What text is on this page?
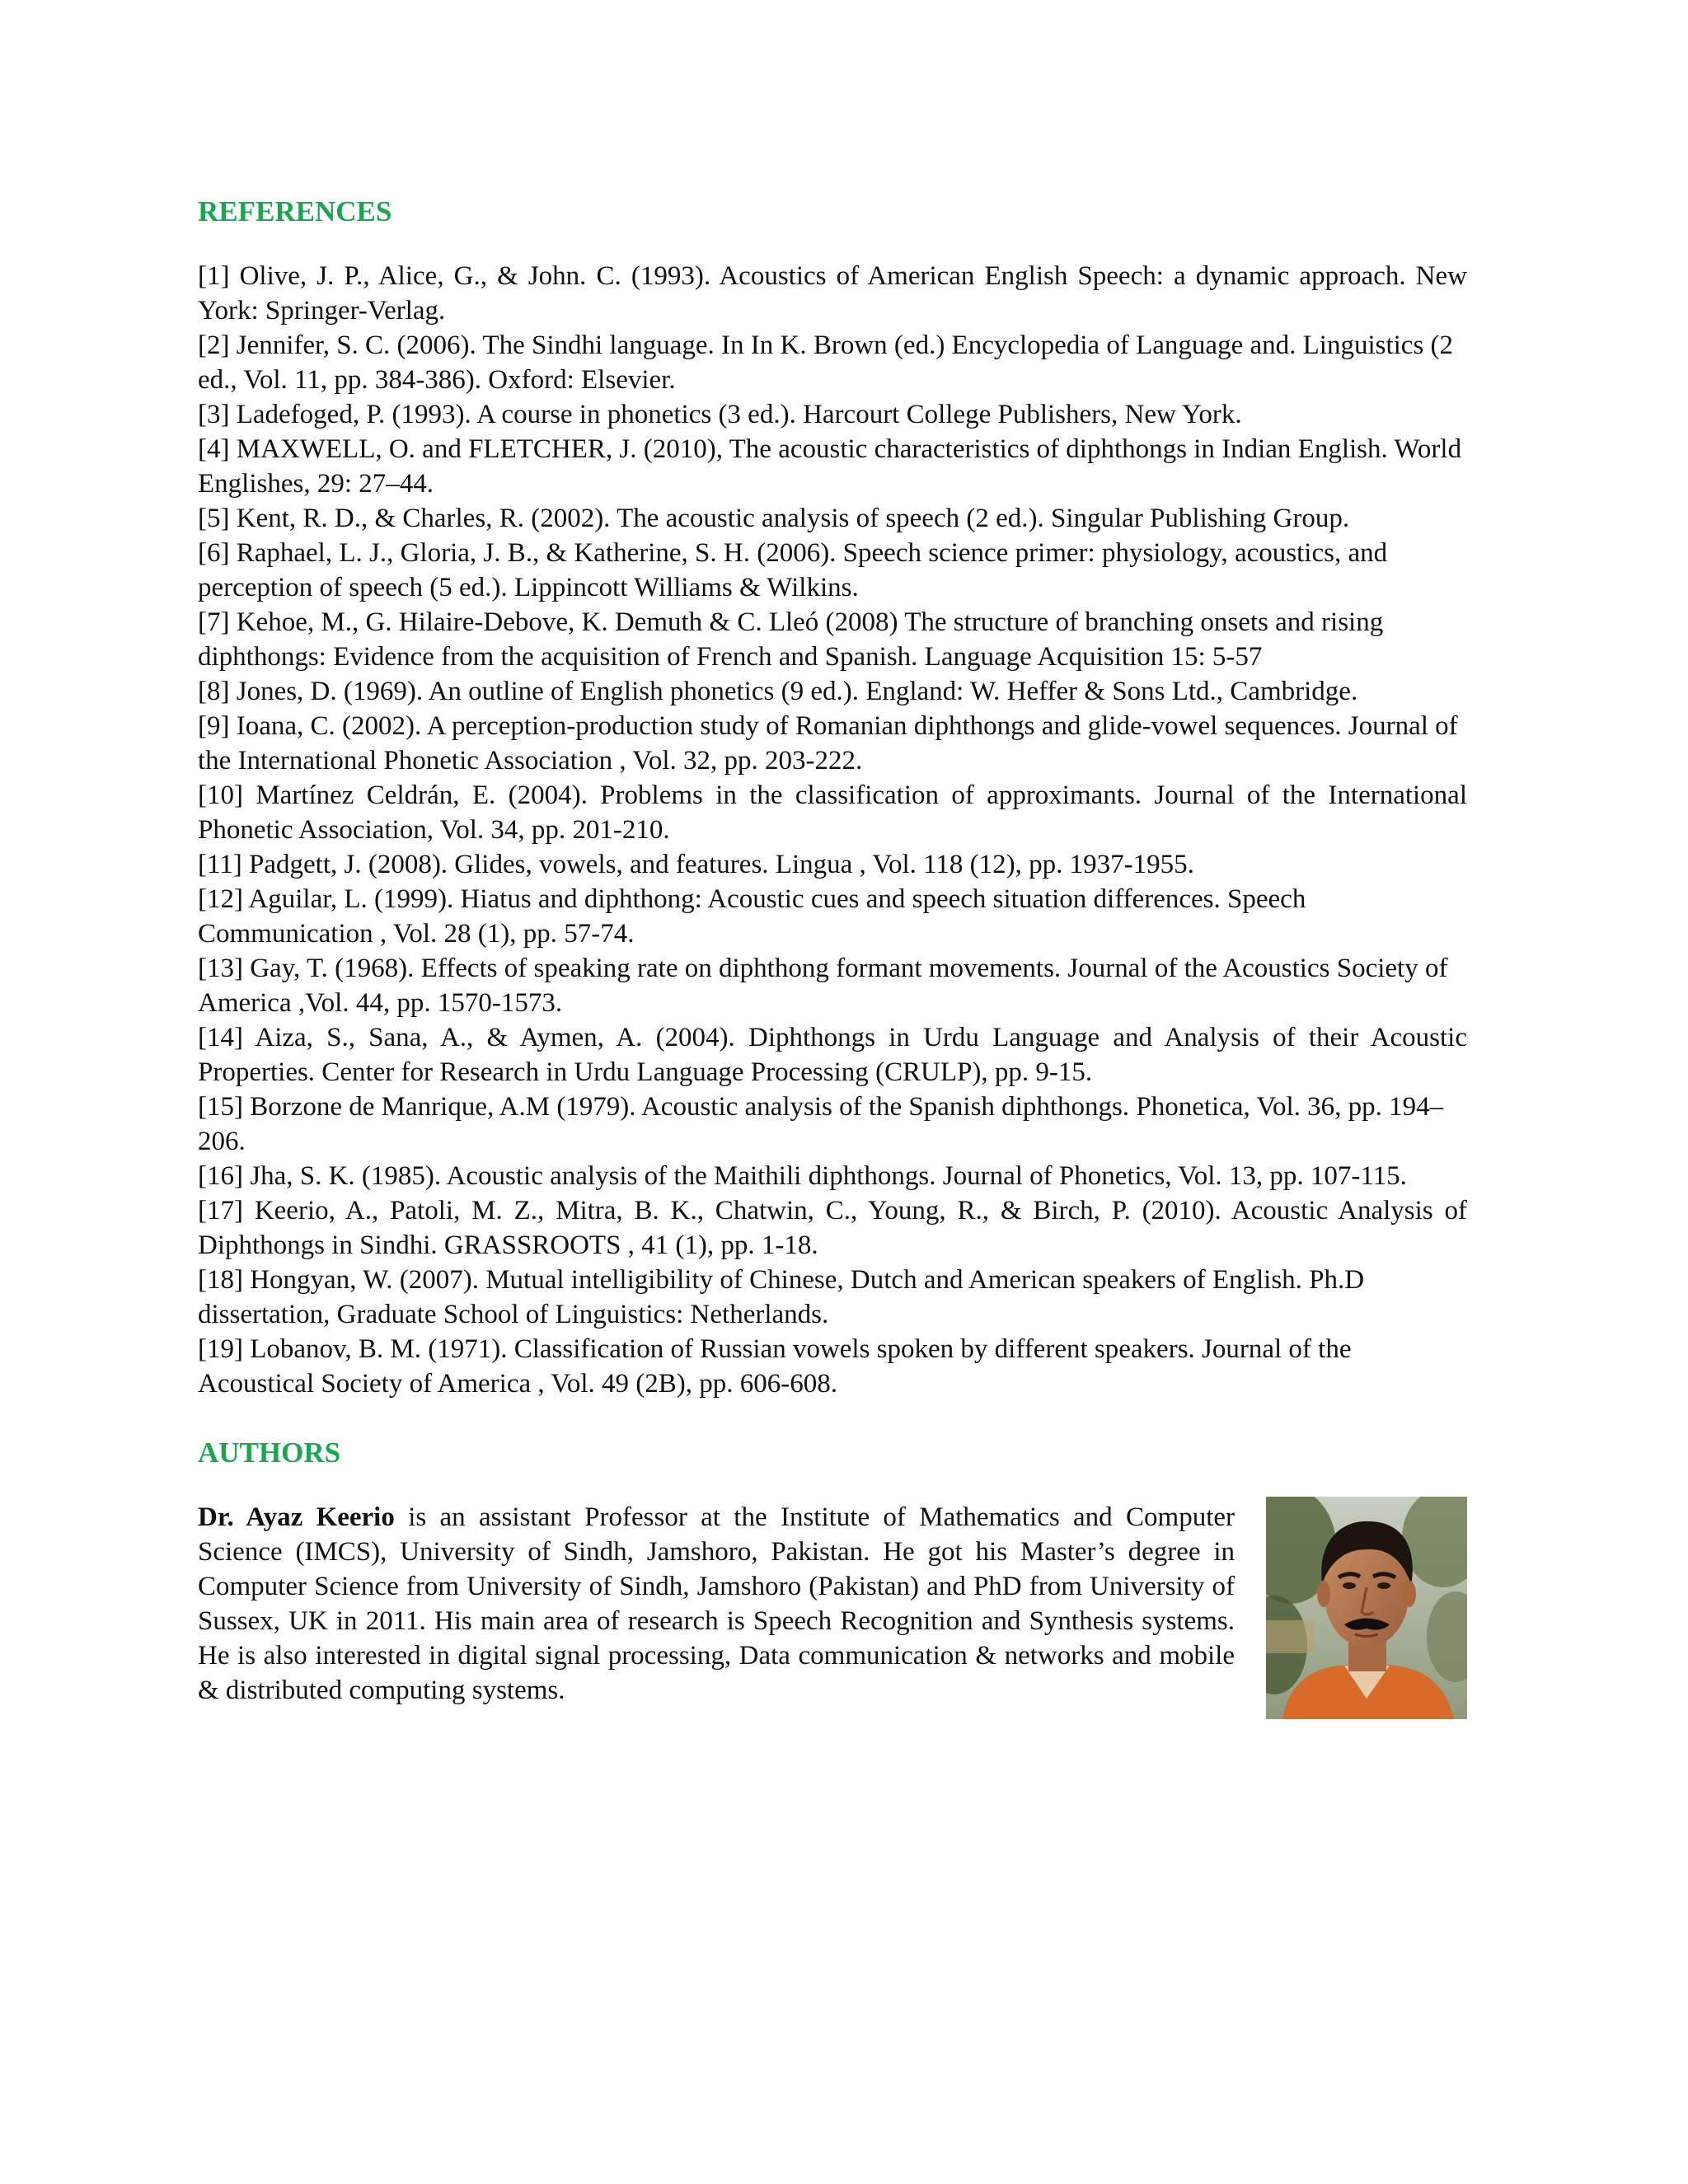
REFERENCES
[1] Olive, J. P., Alice, G., & John. C. (1993). Acoustics of American English Speech: a dynamic approach. New York: Springer-Verlag.
[2] Jennifer, S. C. (2006). The Sindhi language. In In K. Brown (ed.) Encyclopedia of Language and. Linguistics (2 ed., Vol. 11, pp. 384-386). Oxford: Elsevier.
[3] Ladefoged, P. (1993). A course in phonetics (3 ed.). Harcourt College Publishers, New York.
[4] MAXWELL, O. and FLETCHER, J. (2010), The acoustic characteristics of diphthongs in Indian English. World Englishes, 29: 27–44.
[5] Kent, R. D., & Charles, R. (2002). The acoustic analysis of speech (2 ed.). Singular Publishing Group.
[6] Raphael, L. J., Gloria, J. B., & Katherine, S. H. (2006). Speech science primer: physiology, acoustics, and perception of speech (5 ed.). Lippincott Williams & Wilkins.
[7] Kehoe, M., G. Hilaire-Debove, K. Demuth & C. Lleó (2008) The structure of branching onsets and rising diphthongs: Evidence from the acquisition of French and Spanish. Language Acquisition 15: 5-57
[8] Jones, D. (1969). An outline of English phonetics (9 ed.). England: W. Heffer & Sons Ltd., Cambridge.
[9] Ioana, C. (2002). A perception-production study of Romanian diphthongs and glide-vowel sequences. Journal of the International Phonetic Association , Vol. 32, pp. 203-222.
[10] Martínez Celdrán, E. (2004). Problems in the classification of approximants. Journal of the International Phonetic Association, Vol. 34, pp. 201-210.
[11] Padgett, J. (2008). Glides, vowels, and features. Lingua , Vol. 118 (12), pp. 1937-1955.
[12] Aguilar, L. (1999). Hiatus and diphthong: Acoustic cues and speech situation differences. Speech Communication , Vol. 28 (1), pp. 57-74.
[13] Gay, T. (1968). Effects of speaking rate on diphthong formant movements. Journal of the Acoustics Society of America ,Vol. 44, pp. 1570-1573.
[14] Aiza, S., Sana, A., & Aymen, A. (2004). Diphthongs in Urdu Language and Analysis of their Acoustic Properties. Center for Research in Urdu Language Processing (CRULP), pp. 9-15.
[15] Borzone de Manrique, A.M (1979). Acoustic analysis of the Spanish diphthongs. Phonetica, Vol. 36, pp. 194–206.
[16] Jha, S. K. (1985). Acoustic analysis of the Maithili diphthongs. Journal of Phonetics, Vol. 13, pp. 107-115.
[17] Keerio, A., Patoli, M. Z., Mitra, B. K., Chatwin, C., Young, R., & Birch, P. (2010). Acoustic Analysis of Diphthongs in Sindhi. GRASSROOTS , 41 (1), pp. 1-18.
[18] Hongyan, W. (2007). Mutual intelligibility of Chinese, Dutch and American speakers of English. Ph.D dissertation, Graduate School of Linguistics: Netherlands.
[19] Lobanov, B. M. (1971). Classification of Russian vowels spoken by different speakers. Journal of the Acoustical Society of America , Vol. 49 (2B), pp. 606-608.
AUTHORS

Dr. Ayaz Keerio is an assistant Professor at the Institute of Mathematics and Computer Science (IMCS), University of Sindh, Jamshoro, Pakistan. He got his Master’s degree in Computer Science from University of Sindh, Jamshoro (Pakistan) and PhD from University of Sussex, UK in 2011. His main area of research is Speech Recognition and Synthesis systems. He is also interested in digital signal processing, Data communication & networks and mobile & distributed computing systems.
